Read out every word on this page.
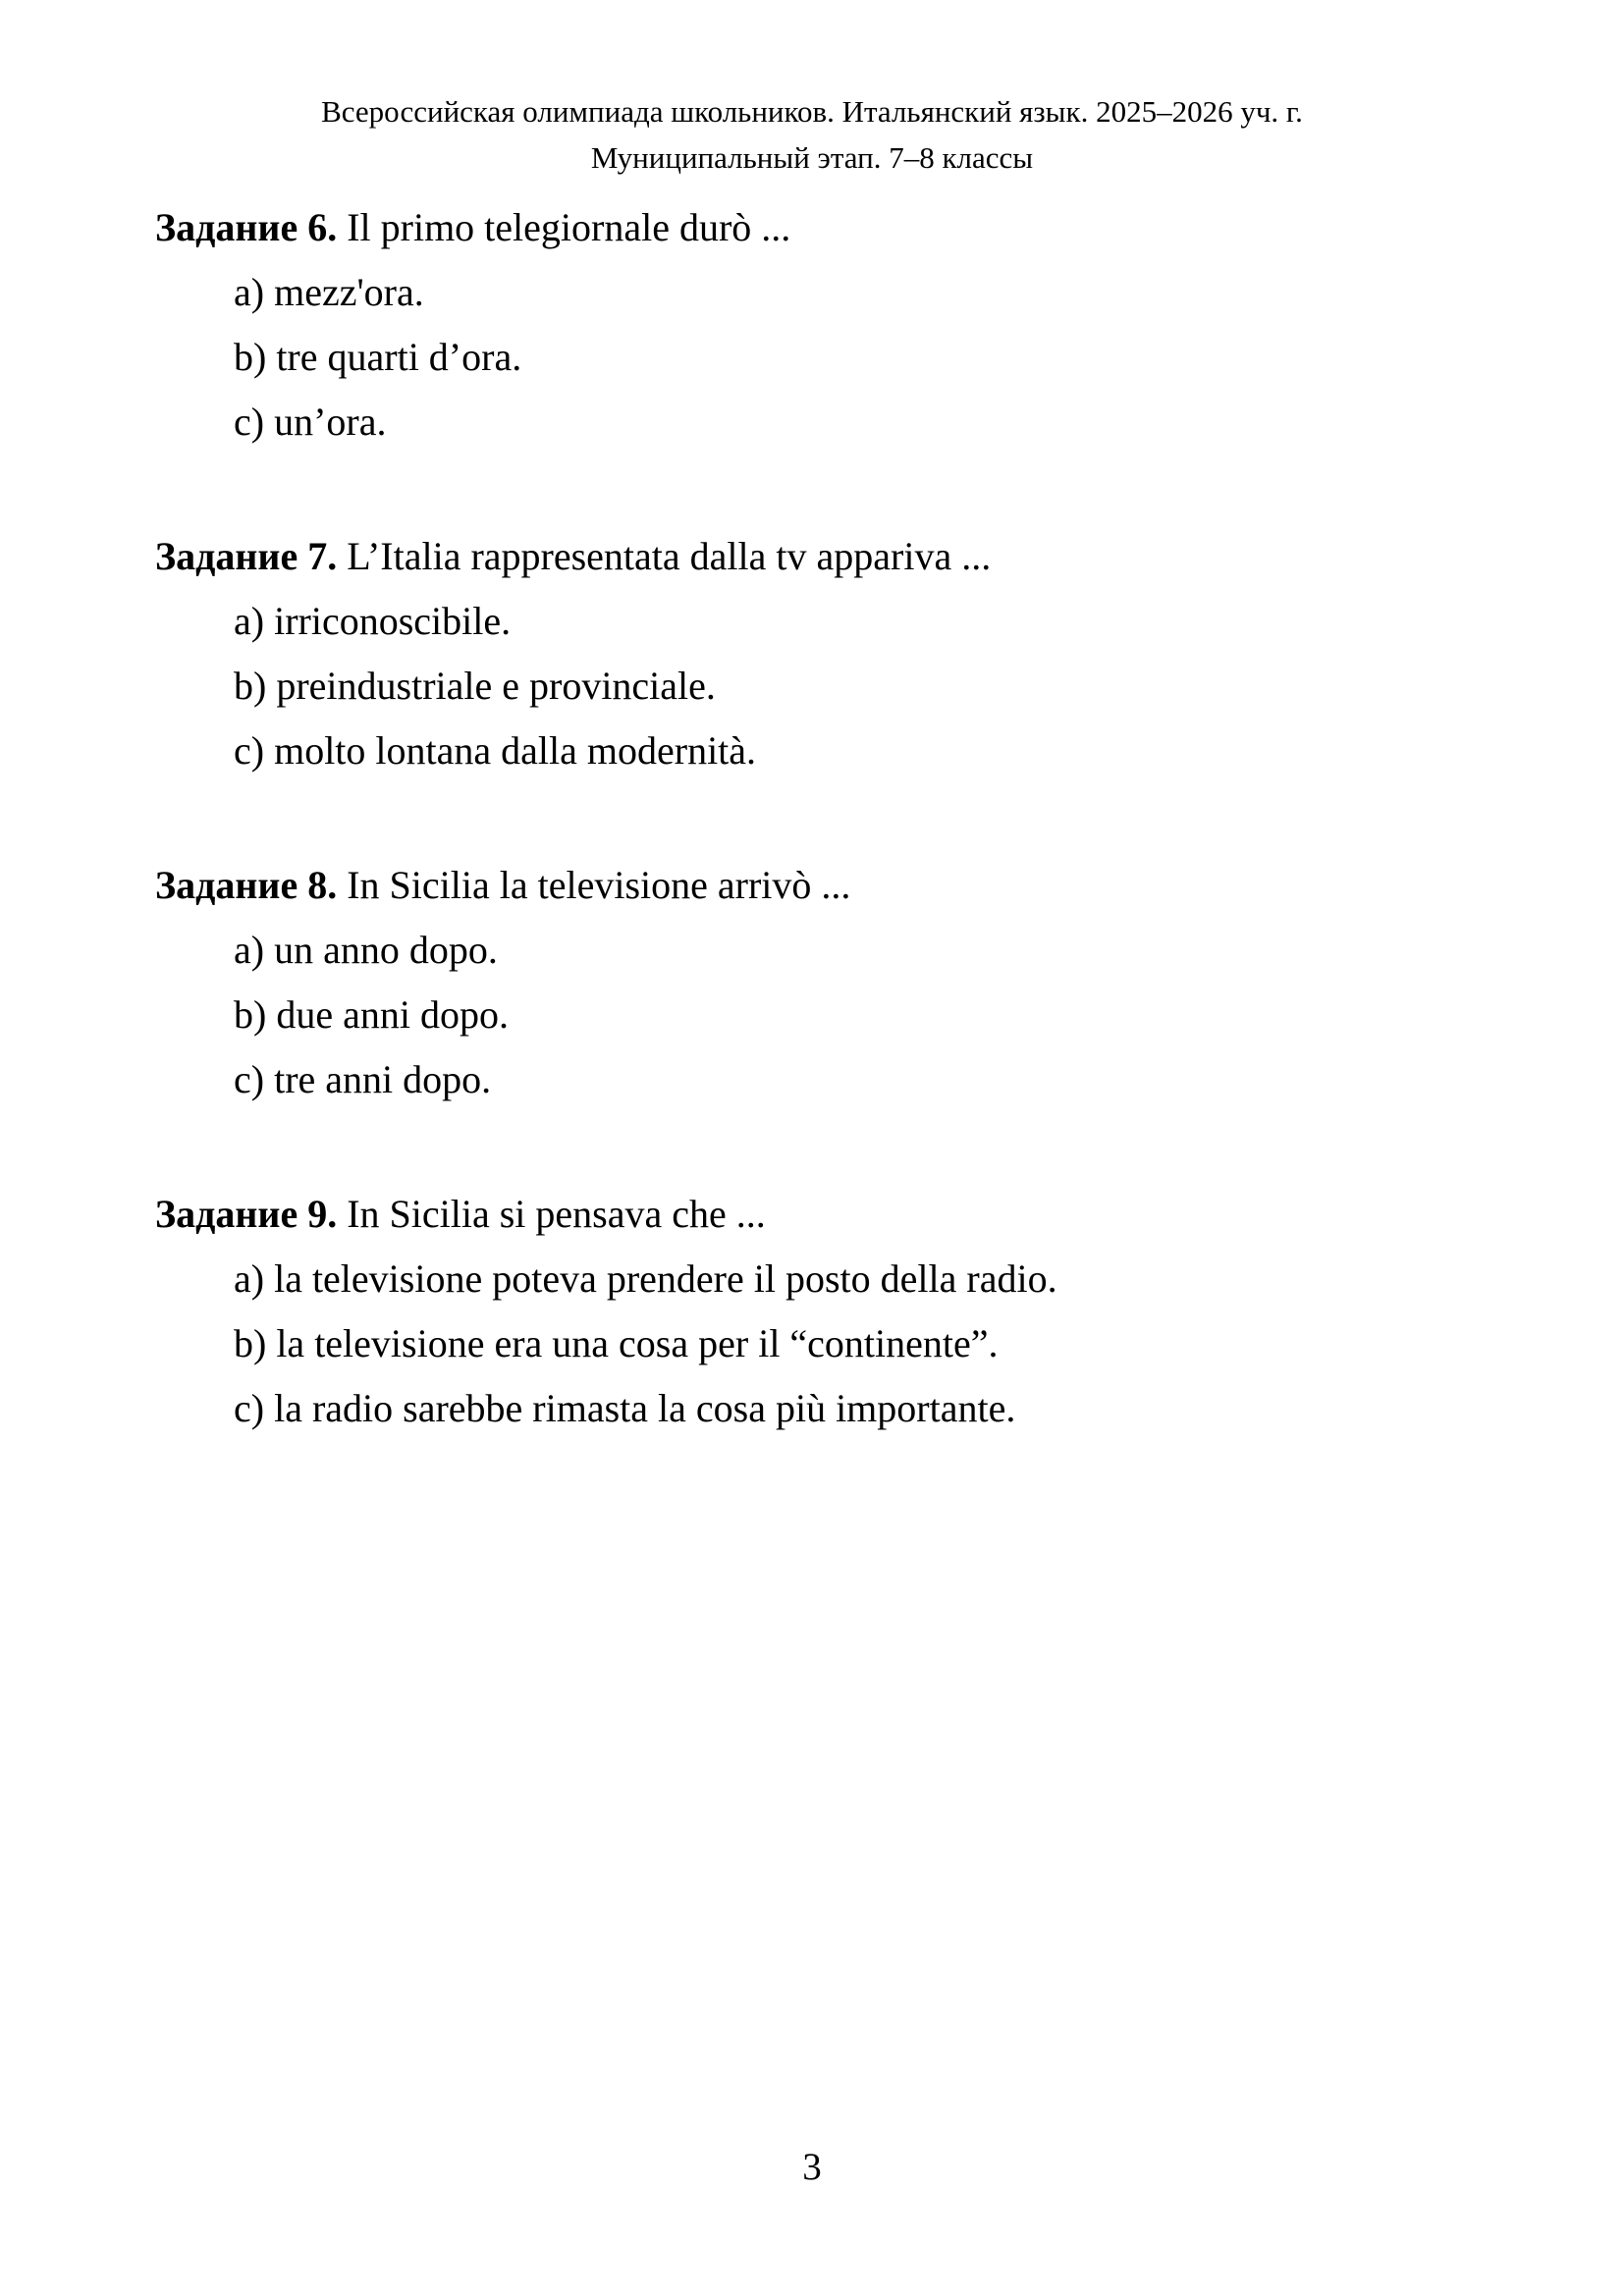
Всероссийская олимпиада школьников. Итальянский язык. 2025–2026 уч. г.
Муниципальный этап. 7–8 классы
Задание 6. Il primo telegiornale durò ...
a) mezz'ora.
b) tre quarti d’ora.
c) un’ora.
Задание 7. L’Italia rappresentata dalla tv appariva ...
a) irriconoscibile.
b) preindustriale e provinciale.
c) molto lontana dalla modernità.
Задание 8. In Sicilia la televisione arrivò ...
a) un anno dopo.
b) due anni dopo.
c) tre anni dopo.
Задание 9. In Sicilia si pensava che ...
a) la televisione poteva prendere il posto della radio.
b) la televisione era una cosa per il “continente”.
c) la radio sarebbe rimasta la cosa più importante.
3
